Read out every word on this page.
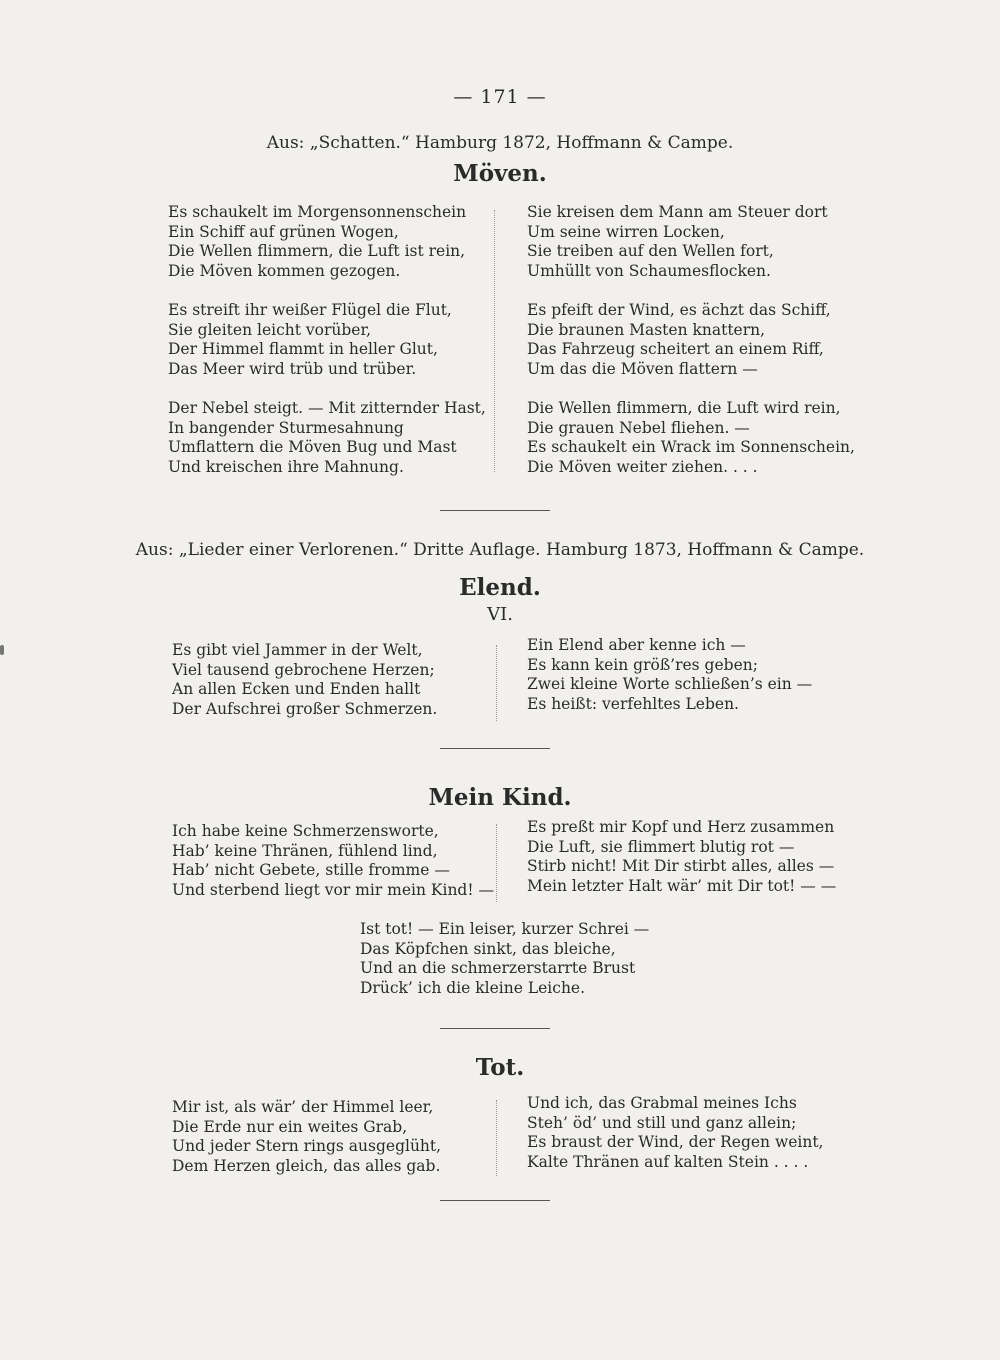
— 171 —
Aus: „Schatten.“ Hamburg 1872, Hoffmann & Campe.
Möven.
Es schaukelt im Morgensonnenschein
Ein Schiff auf grünen Wogen,
Die Wellen flimmern, die Luft ist rein,
Die Möven kommen gezogen.
Es streift ihr weißer Flügel die Flut,
Sie gleiten leicht vorüber,
Der Himmel flammt in heller Glut,
Das Meer wird trüb und trüber.
Der Nebel steigt. — Mit zitternder Hast,
In bangender Sturmesahnung
Umflattern die Möven Bug und Mast
Und kreischen ihre Mahnung.
Sie kreisen dem Mann am Steuer dort
Um seine wirren Locken,
Sie treiben auf den Wellen fort,
Umhüllt von Schaumesflocken.
Es pfeift der Wind, es ächzt das Schiff,
Die braunen Masten knattern,
Das Fahrzeug scheitert an einem Riff,
Um das die Möven flattern —
Die Wellen flimmern, die Luft wird rein,
Die grauen Nebel fliehen. —
Es schaukelt ein Wrack im Sonnenschein,
Die Möven weiter ziehen. . . .
Aus: „Lieder einer Verlorenen.“ Dritte Auflage. Hamburg 1873, Hoffmann & Campe.
Elend.
VI.
Es gibt viel Jammer in der Welt,
Viel tausend gebrochene Herzen;
An allen Ecken und Enden hallt
Der Aufschrei großer Schmerzen.
Ein Elend aber kenne ich —
Es kann kein größ’res geben;
Zwei kleine Worte schließen’s ein —
Es heißt: verfehltes Leben.
Mein Kind.
Ich habe keine Schmerzensworte,
Hab’ keine Thränen, fühlend lind,
Hab’ nicht Gebete, stille fromme —
Und sterbend liegt vor mir mein Kind! —
Es preßt mir Kopf und Herz zusammen
Die Luft, sie flimmert blutig rot —
Stirb nicht! Mit Dir stirbt alles, alles —
Mein letzter Halt wär’ mit Dir tot! — —
Ist tot! — Ein leiser, kurzer Schrei —
Das Köpfchen sinkt, das bleiche,
Und an die schmerzerstarrte Brust
Drück’ ich die kleine Leiche.
Tot.
Mir ist, als wär’ der Himmel leer,
Die Erde nur ein weites Grab,
Und jeder Stern rings ausgeglüht,
Dem Herzen gleich, das alles gab.
Und ich, das Grabmal meines Ichs
Steh’ öd’ und still und ganz allein;
Es braust der Wind, der Regen weint,
Kalte Thränen auf kalten Stein . . . .
